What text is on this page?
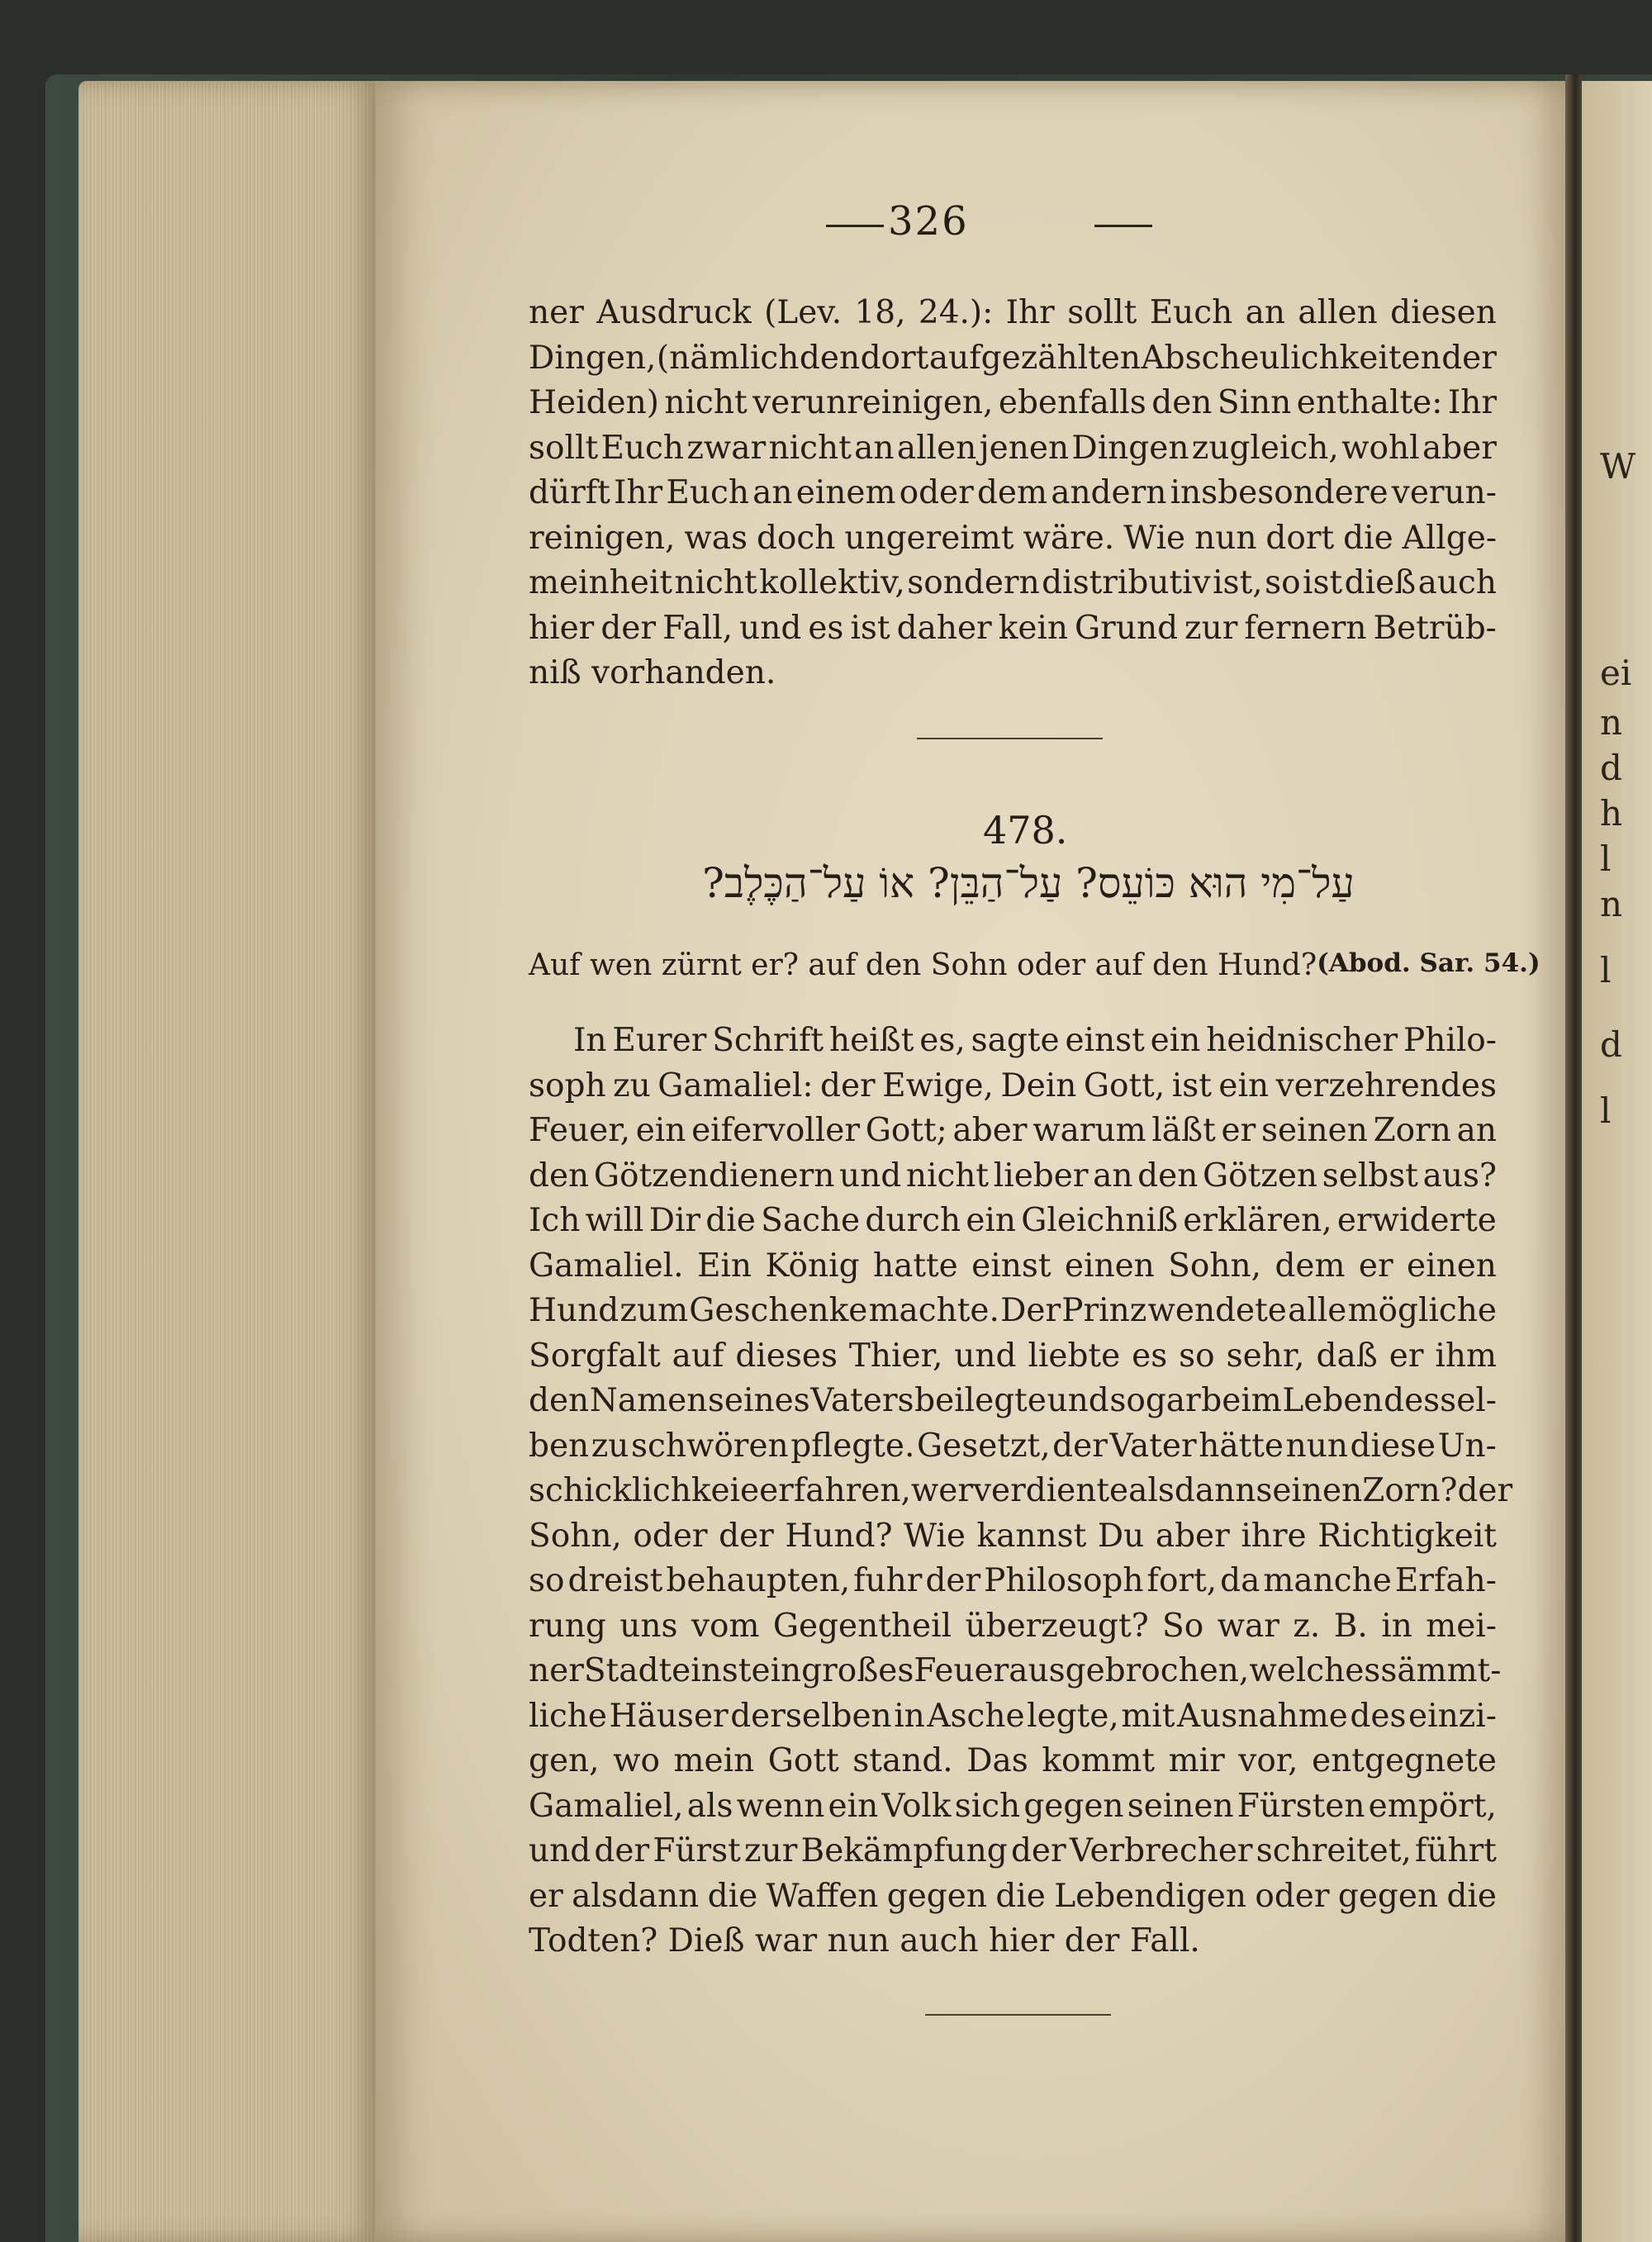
W
ei
n
d
h
l
n
l
d
l
326
ner Ausdruck (Lev. 18, 24.): Ihr sollt Euch an allen diesen
Dingen, (nämlich den dort aufgezählten Abscheulichkeiten der
Heiden) nicht verunreinigen, ebenfalls den Sinn enthalte: Ihr
sollt Euch zwar nicht an allen jenen Dingen zugleich, wohl aber
dürft Ihr Euch an einem oder dem andern insbesondere verun-
reinigen, was doch ungereimt wäre. Wie nun dort die Allge-
meinheit nicht kollektiv, sondern distributiv ist, so ist dieß auch
hier der Fall, und es ist daher kein Grund zur fernern Betrüb-
niß vorhanden.
478.
עַל־מִי הוּא כּוֹעֵס? עַל־הַבֵּן? אוֹ עַל־הַכֶּלֶב?
Auf wen zürnt er? auf den Sohn oder auf den Hund? (Abod. Sar. 54.)
In Eurer Schrift heißt es, sagte einst ein heidnischer Philo-
soph zu Gamaliel: der Ewige, Dein Gott, ist ein verzehrendes
Feuer, ein eifervoller Gott; aber warum läßt er seinen Zorn an
den Götzendienern und nicht lieber an den Götzen selbst aus?
Ich will Dir die Sache durch ein Gleichniß erklären, erwiderte
Gamaliel. Ein König hatte einst einen Sohn, dem er einen
Hund zum Geschenke machte. Der Prinz wendete alle mögliche
Sorgfalt auf dieses Thier, und liebte es so sehr, daß er ihm
den Namen seines Vaters beilegte und sogar beim Leben dessel-
ben zu schwören pflegte. Gesetzt, der Vater hätte nun diese Un-
schicklichkeie erfahren, wer verdiente alsdann seinen Zorn? der
Sohn, oder der Hund? Wie kannst Du aber ihre Richtigkeit
so dreist behaupten, fuhr der Philosoph fort, da manche Erfah-
rung uns vom Gegentheil überzeugt? So war z. B. in mei-
ner Stadt einst ein großes Feuer ausgebrochen, welches sämmt-
liche Häuser derselben in Asche legte, mit Ausnahme des einzi-
gen, wo mein Gott stand. Das kommt mir vor, entgegnete
Gamaliel, als wenn ein Volk sich gegen seinen Fürsten empört,
und der Fürst zur Bekämpfung der Verbrecher schreitet, führt
er alsdann die Waffen gegen die Lebendigen oder gegen die
Todten? Dieß war nun auch hier der Fall.
